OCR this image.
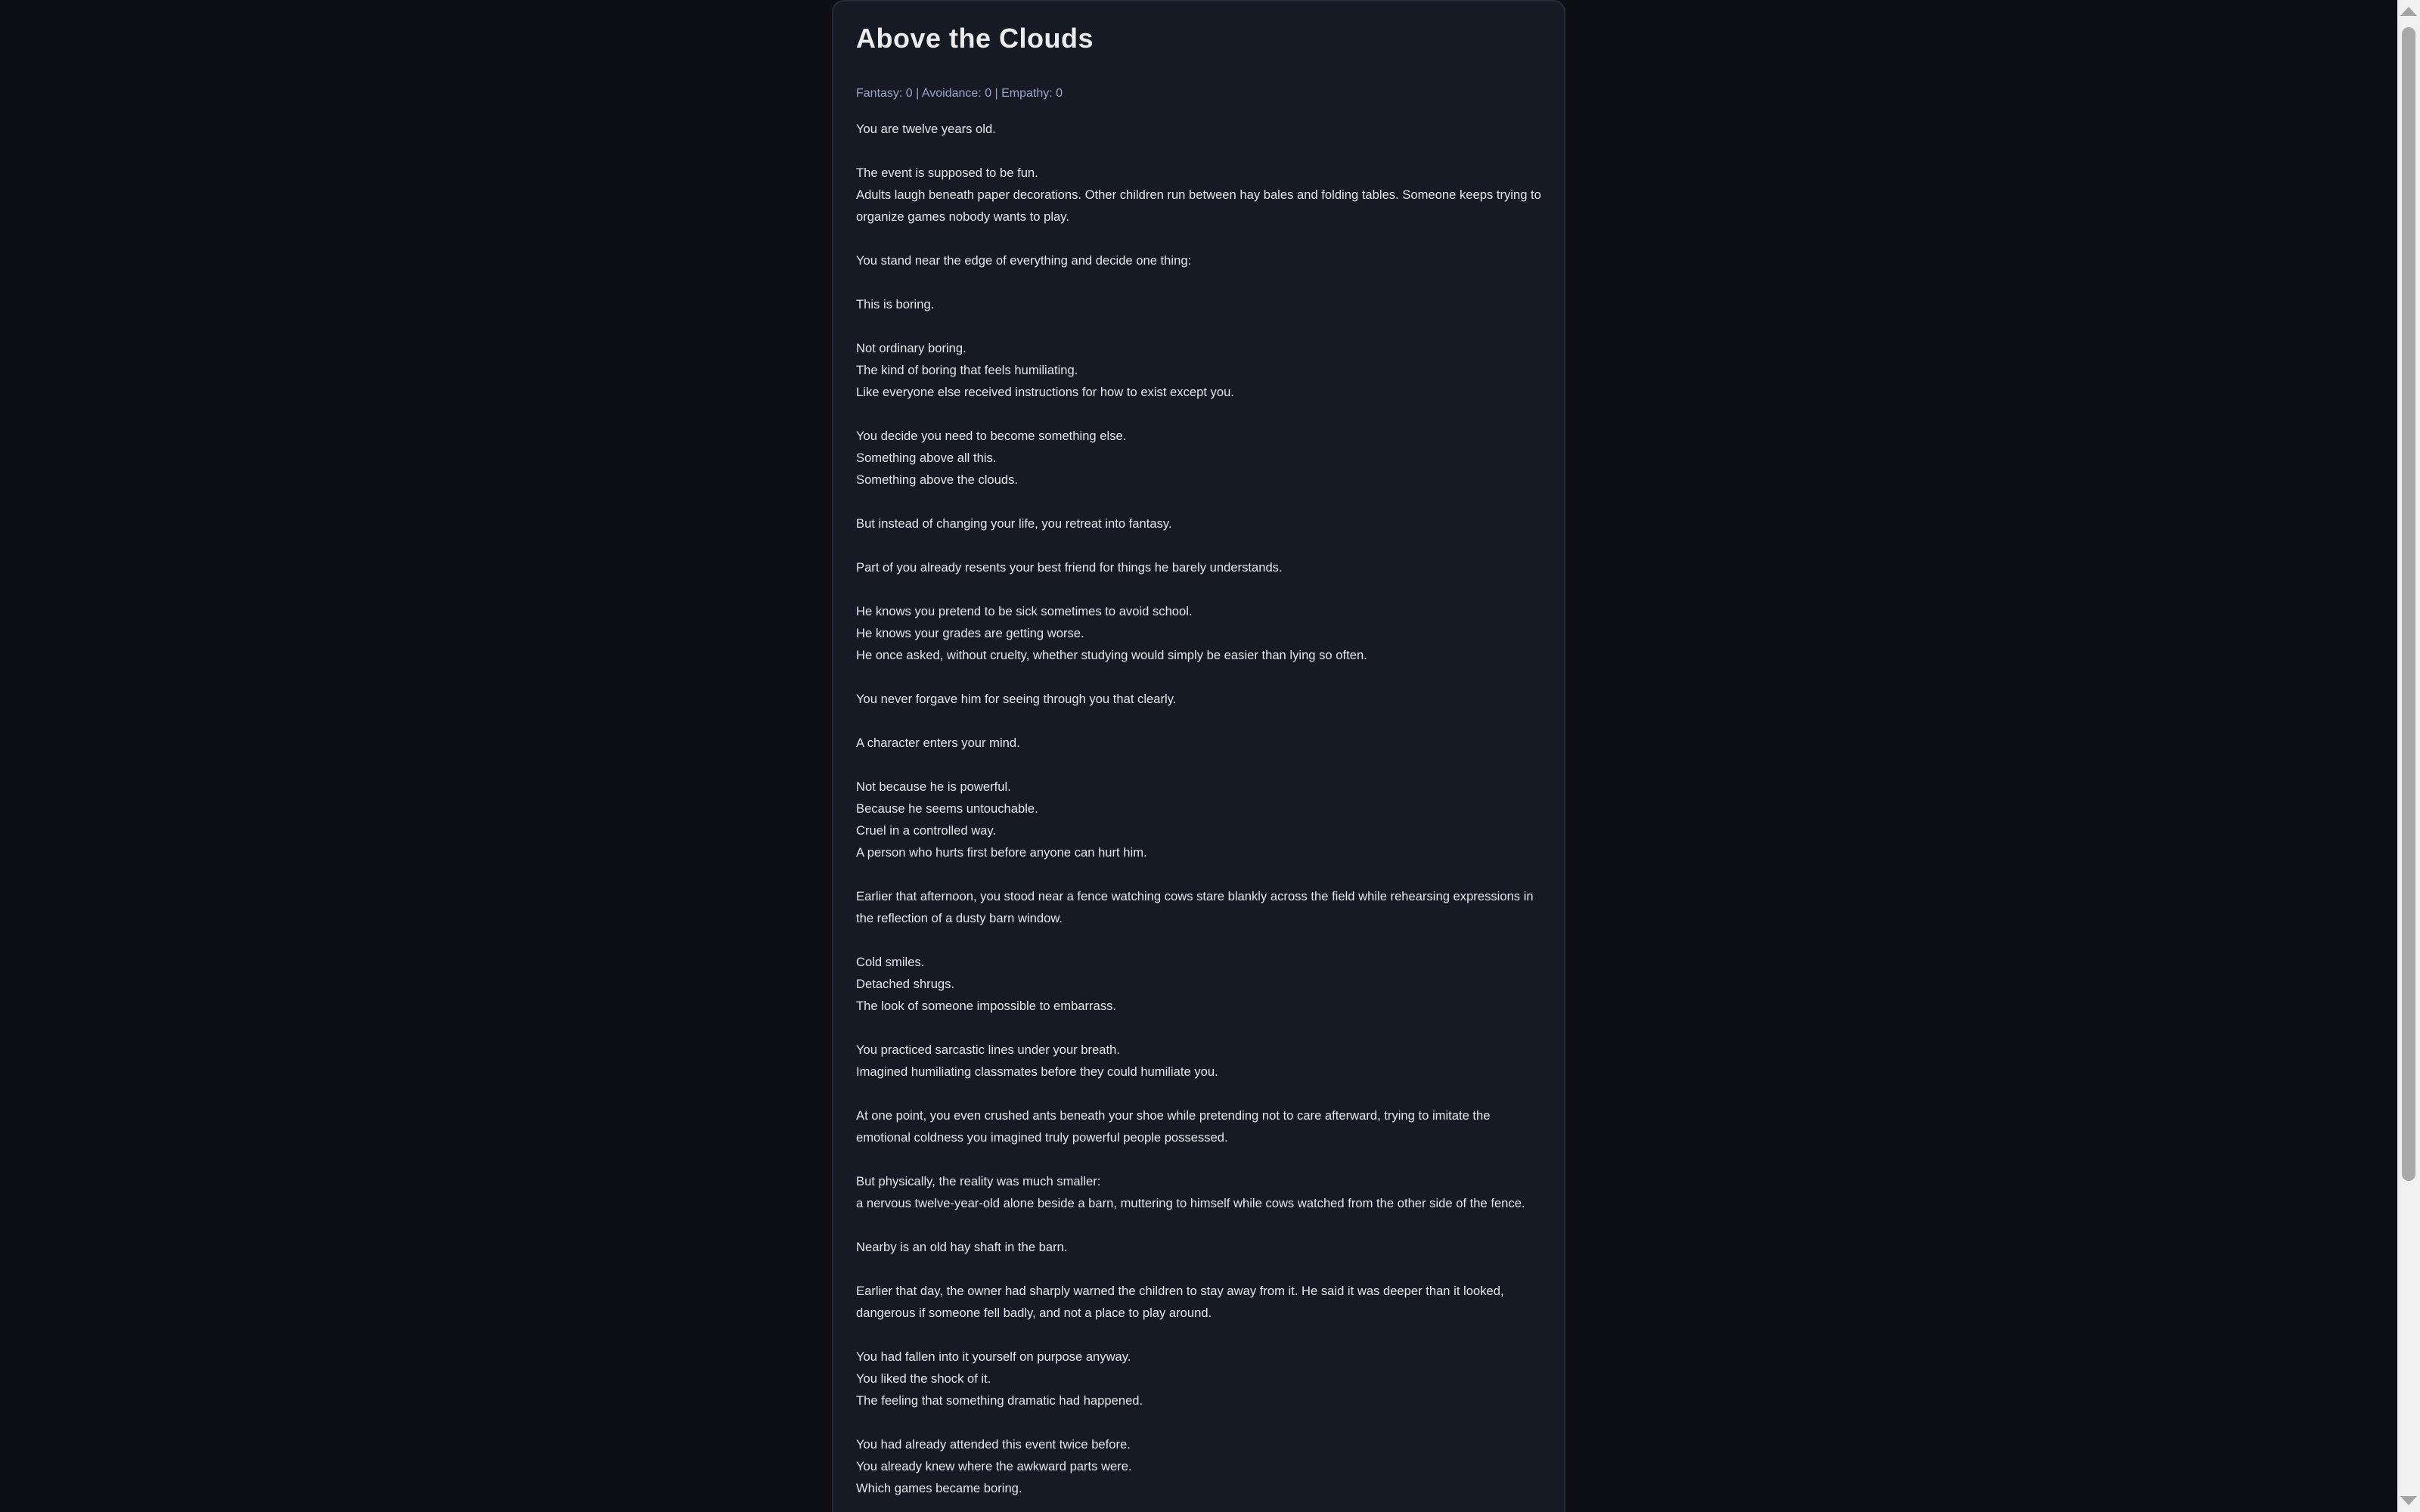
Above the Clouds
Fantasy: 0 | Avoidance: 0 | Empathy: 0

You are twelve years old.

The event is supposed to be fun.
Adults laugh beneath paper decorations. Other children run between hay bales and folding tables. Someone keeps trying to organize games nobody wants to play.

You stand near the edge of everything and decide one thing:

This is boring.

Not ordinary boring.
The kind of boring that feels humiliating.
Like everyone else received instructions for how to exist except you.

You decide you need to become something else.
Something above all this.
Something above the clouds.

But instead of changing your life, you retreat into fantasy.

Part of you already resents your best friend for things he barely understands.

He knows you pretend to be sick sometimes to avoid school.
He knows your grades are getting worse.
He once asked, without cruelty, whether studying would simply be easier than lying so often.

You never forgave him for seeing through you that clearly.

A character enters your mind.

Not because he is powerful.
Because he seems untouchable.
Cruel in a controlled way.
A person who hurts first before anyone can hurt him.

Earlier that afternoon, you stood near a fence watching cows stare blankly across the field while rehearsing expressions in the reflection of a dusty barn window.

Cold smiles.
Detached shrugs.
The look of someone impossible to embarrass.

You practiced sarcastic lines under your breath.
Imagined humiliating classmates before they could humiliate you.

At one point, you even crushed ants beneath your shoe while pretending not to care afterward, trying to imitate the emotional coldness you imagined truly powerful people possessed.

But physically, the reality was much smaller:
a nervous twelve-year-old alone beside a barn, muttering to himself while cows watched from the other side of the fence.

Nearby is an old hay shaft in the barn.

Earlier that day, the owner had sharply warned the children to stay away from it. He said it was deeper than it looked, dangerous if someone fell badly, and not a place to play around.

You had fallen into it yourself on purpose anyway.
You liked the shock of it.
The feeling that something dramatic had happened.

You had already attended this event twice before.
You already knew where the awkward parts were.
Which games became boring.
